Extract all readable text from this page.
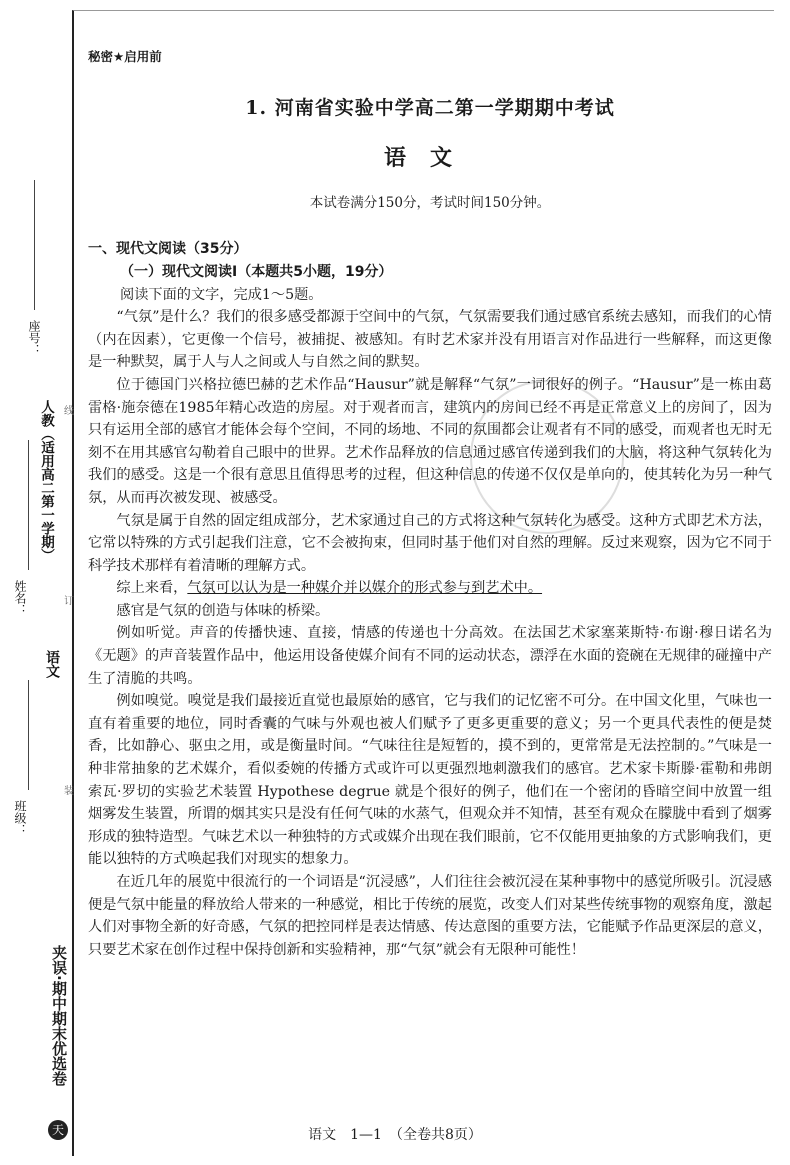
座号：
人教（适用高二第一学期） 线
姓名：	订
语文
装
班级：
夹误·期中期末优选卷
天
秘密★启用前
1. 河南省实验中学高二第一学期期中考试
语文
本试卷满分150分，考试时间150分钟。
一、现代文阅读（35分）
（一）现代文阅读Ⅰ（本题共5小题，19分）
阅读下面的文字，完成1～5题。

“气氛”是什么？我们的很多感受都源于空间中的气氛，气氛需要我们通过感官系统去感知，而我们的心情（内在因素），它更像一个信号，被捕捉、被感知。有时艺术家并没有用语言对作品进行一些解释，而这更像是一种默契，属于人与人之间或人与自然之间的默契。

位于德国门兴格拉德巴赫的艺术作品“Hausur”就是解释“气氛”一词很好的例子。“Hausur”是一栋由葛雷格·施奈德在1985年精心改造的房屋。对于观者而言，建筑内的房间已经不再是正常意义上的房间了，因为只有运用全部的感官才能体会每个空间，不同的场地、不同的氛围都会让观者有不同的感受，而观者也无时无刻不在用其感官勾勒着自己眼中的世界。艺术作品释放的信息通过感官传递到我们的大脑，将这种气氛转化为我们的感受。这是一个很有意思且值得思考的过程，但这种信息的传递不仅仅是单向的，使其转化为另一种气氛，从而再次被发现、被感受。

气氛是属于自然的固定组成部分，艺术家通过自己的方式将这种气氛转化为感受。这种方式即艺术方法，它常以特殊的方式引起我们注意，它不会被拘束，但同时基于他们对自然的理解。反过来观察，因为它不同于科学技术那样有着清晰的理解方式。

综上来看，气氛可以认为是一种媒介并以媒介的形式参与到艺术中。

感官是气氛的创造与体味的桥梁。

例如听觉。声音的传播快速、直接，情感的传递也十分高效。在法国艺术家塞莱斯特·布谢·穆日诺名为《无题》的声音装置作品中，他运用设备使媒介间有不同的运动状态，漂浮在水面的瓷碗在无规律的碰撞中产生了清脆的共鸣。

例如嗅觉。嗅觉是我们最接近直觉也最原始的感官，它与我们的记忆密不可分。在中国文化里，气味也一直有着重要的地位，同时香囊的气味与外观也被人们赋予了更多更重要的意义；另一个更具代表性的便是焚香，比如静心、驱虫之用，或是衡量时间。“气味往往是短暂的，摸不到的，更常常是无法控制的。”气味是一种非常抽象的艺术媒介，看似委婉的传播方式或许可以更强烈地刺激我们的感官。艺术家卡斯滕·霍勒和弗朗索瓦·罗切的实验艺术装置 Hypothese degrue 就是个很好的例子，他们在一个密闭的昏暗空间中放置一组烟雾发生装置，所谓的烟其实只是没有任何气味的水蒸气，但观众并不知情，甚至有观众在朦胧中看到了烟雾形成的独特造型。气味艺术以一种独特的方式或媒介出现在我们眼前，它不仅能用更抽象的方式影响我们，更能以独特的方式唤起我们对现实的想象力。

在近几年的展览中很流行的一个词语是“沉浸感”，人们往往会被沉浸在某种事物中的感觉所吸引。沉浸感便是气氛中能量的释放给人带来的一种感觉，相比于传统的展览，改变人们对某些传统事物的观察角度，激起人们对事物全新的好奇感，气氛的把控同样是表达情感、传达意图的重要方法，它能赋予作品更深层的意义，只要艺术家在创作过程中保持创新和实验精神，那“气氛”就会有无限种可能性！

语文　1—1　（全卷共8页）
